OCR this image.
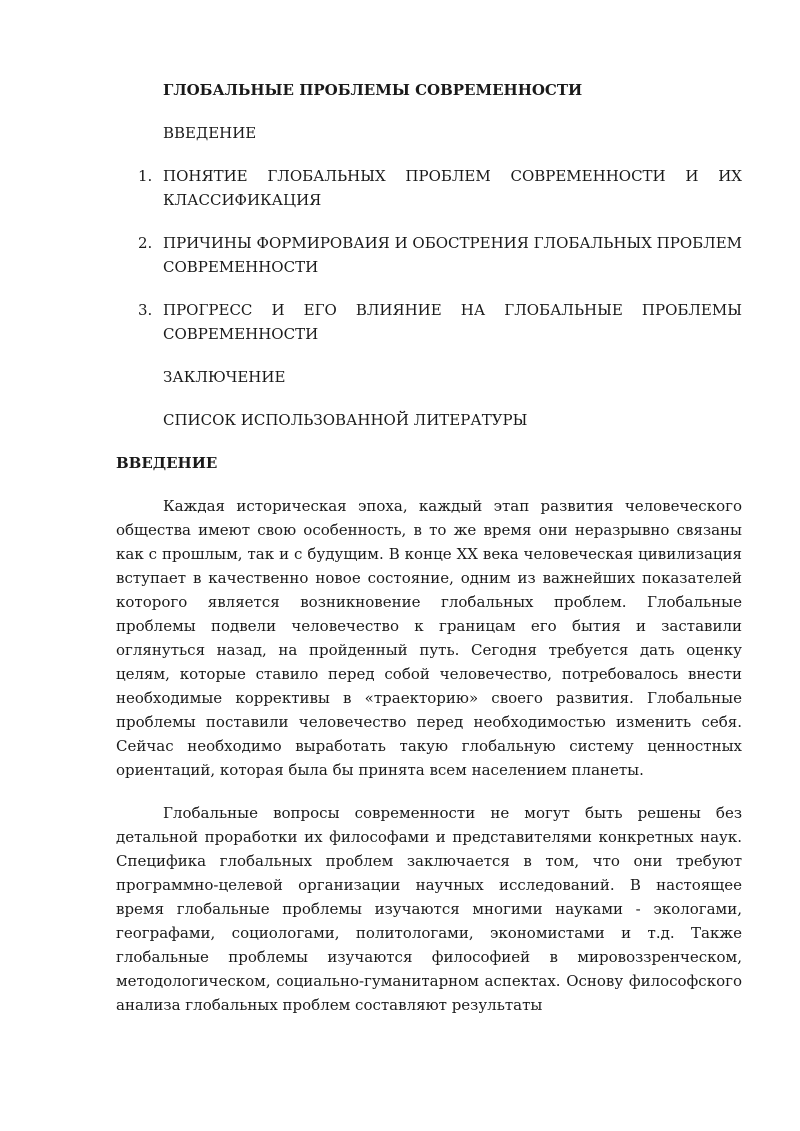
ГЛОБАЛЬНЫЕ ПРОБЛЕМЫ СОВРЕМЕННОСТИ
ВВЕДЕНИЕ
1. ПОНЯТИЕ ГЛОБАЛЬНЫХ ПРОБЛЕМ СОВРЕМЕННОСТИ И ИХ КЛАССИФИКАЦИЯ
2. ПРИЧИНЫ ФОРМИРОВАИЯ И ОБОСТРЕНИЯ ГЛОБАЛЬНЫХ ПРОБЛЕМ СОВРЕМЕННОСТИ
3. ПРОГРЕСС И ЕГО ВЛИЯНИЕ НА ГЛОБАЛЬНЫЕ ПРОБЛЕМЫ СОВРЕМЕННОСТИ
ЗАКЛЮЧЕНИЕ
СПИСОК ИСПОЛЬЗОВАННОЙ ЛИТЕРАТУРЫ
ВВЕДЕНИЕ

Каждая историческая эпоха, каждый этап развития человеческого общества имеют свою особенность, в то же время они неразрывно связаны как с прошлым, так и с будущим. В конце XX века человеческая цивилизация вступает в качественно новое состояние, одним из важнейших показателей которого является возникновение глобальных проблем. Глобальные проблемы подвели человечество к границам его бытия и заставили оглянуться назад, на пройденный путь. Сегодня требуется дать оценку целям, которые ставило перед собой человечество, потребовалось внести необходимые коррективы в «траекторию» своего развития. Глобальные проблемы поставили человечество перед необходимостью изменить себя. Сейчас необходимо выработать такую глобальную систему ценностных ориентаций, которая была бы принята всем населением планеты.

Глобальные вопросы современности не могут быть решены без детальной проработки их философами и представителями конкретных наук. Специфика глобальных проблем заключается в том, что они требуют программно-целевой организации научных исследований. В настоящее время глобальные проблемы изучаются многими науками - экологами, географами, социологами, политологами, экономистами и т.д. Также глобальные проблемы изучаются философией в мировоззренческом, методологическом, социально-гуманитарном аспектах. Основу философского анализа глобальных проблем составляют результаты
